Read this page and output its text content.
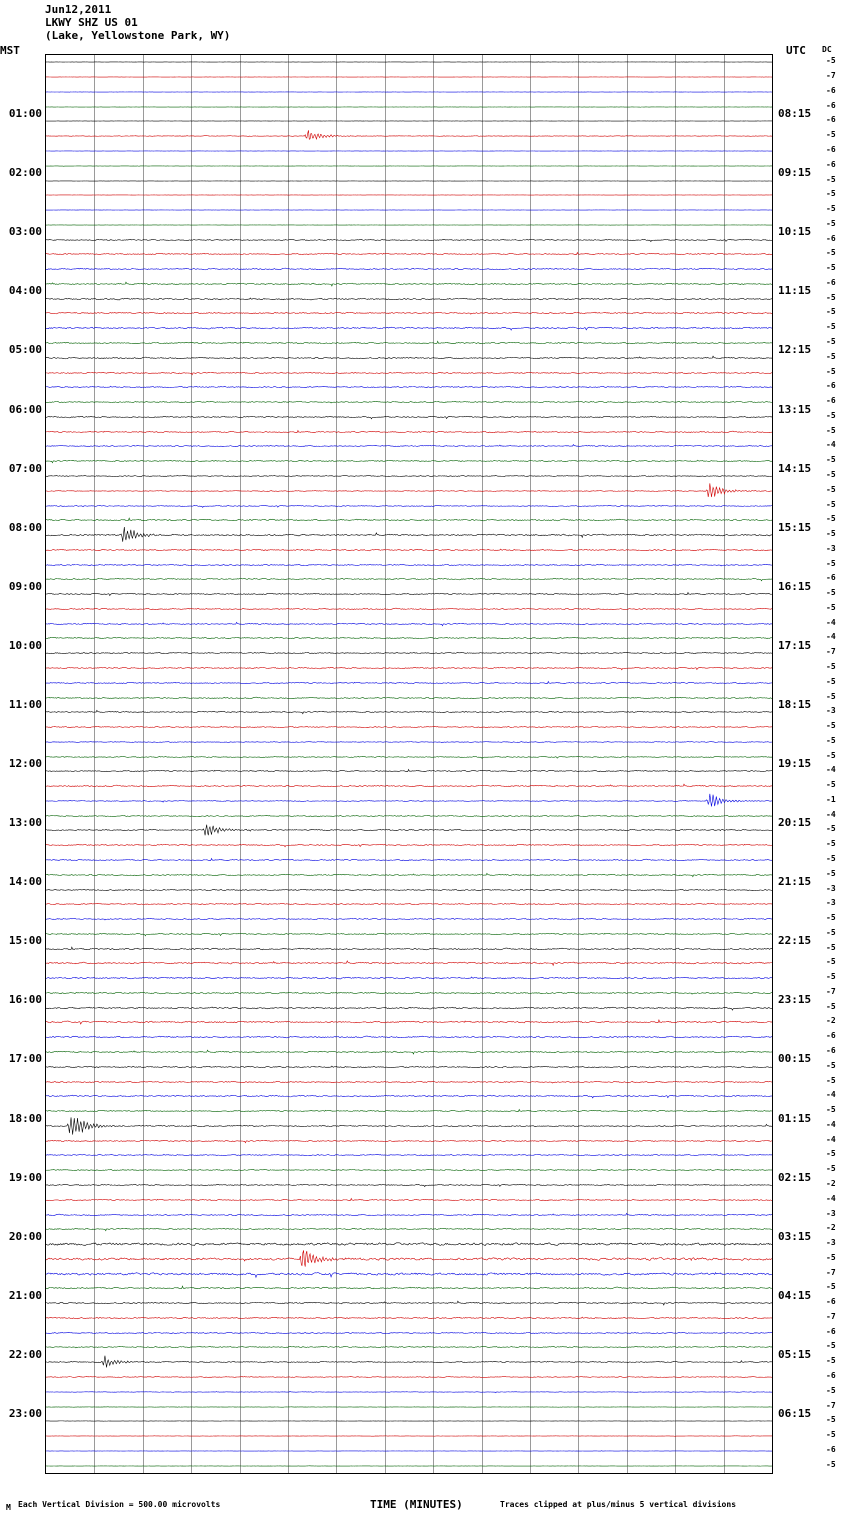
Jun12,2011
LKWY SHZ US 01
(Lake, Yellowstone Park, WY)
MST	UTC DC
01:00	08:15
02:00	09:15
03:00	10:15
04:00	11:15
05:00	12:15
06:00	13:15
07:00	14:15
08:00	15:15
09:00	16:15
10:00	17:15
11:00	18:15
12:00	19:15
13:00	20:15
14:00	21:15
15:00	22:15
16:00	23:15
17:00	00:15
18:00	01:15
19:00	02:15
20:00	03:15
21:00	04:15
22:00	05:15
23:00	06:15
-5
-7
-6
-6
-6
-5
-6
-6
-5
-5
-5
-5
-6
-5
-5
-6
-5
-5
-5
-5
-5
-5
-6
-6
-5
-5
-4
-5
-5
-5
-5
-5
-5
-3
-5
-6
-5
-5
-4
-4
-7
-5
-5
-5
-3
-5
-5
-5
-4
-5
-1
-4
-5
-5
-5
-5
-3
-3
-5
-5
-5
-5
-5
-7
-5
-2
-6
-6
-5
-5
-4
-5
-4
-4
-5
-5
-2
-4
-3
-2
-3
-5
-7
-5
-6
-7
-6
-5
-5
-6
-5
-7
-5
-5
-6
-5
M Each Vertical Division = 500.00 microvolts	TIME (MINUTES)	Traces clipped at plus/minus 5 vertical divisions
